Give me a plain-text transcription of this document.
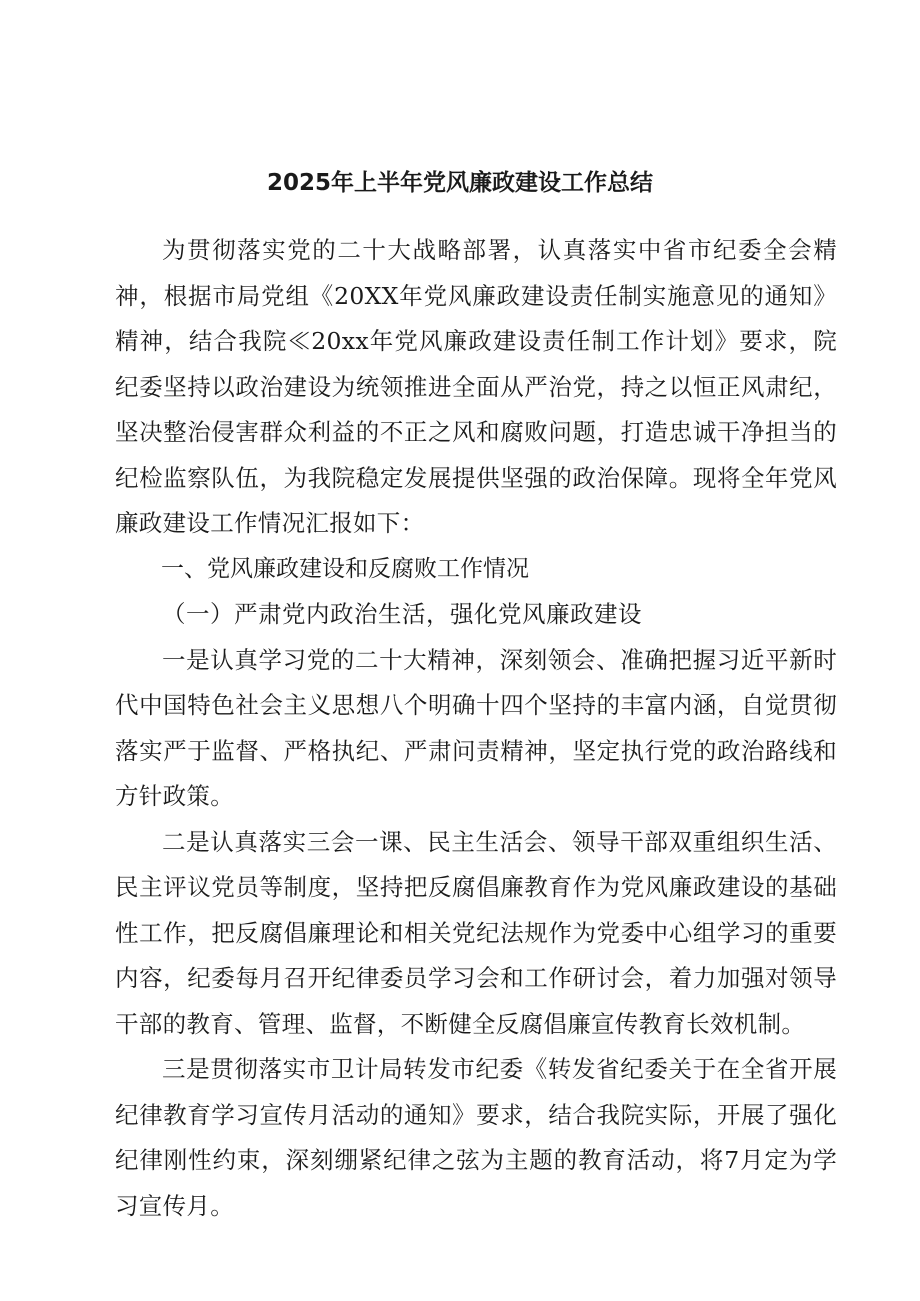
2025年上半年党风廉政建设工作总结

为贯彻落实党的二十大战略部署，认真落实中省市纪委全会精神，根据市局党组《20XX年党风廉政建设责任制实施意见的通知》精神，结合我院≪20xx年党风廉政建设责任制工作计划》要求，院纪委坚持以政治建设为统领推进全面从严治党，持之以恒正风肃纪，坚决整治侵害群众利益的不正之风和腐败问题，打造忠诚干净担当的纪检监察队伍，为我院稳定发展提供坚强的政治保障。现将全年党风廉政建设工作情况汇报如下：

一、党风廉政建设和反腐败工作情况

（一）严肃党内政治生活，强化党风廉政建设

一是认真学习党的二十大精神，深刻领会、准确把握习近平新时代中国特色社会主义思想八个明确十四个坚持的丰富内涵，自觉贯彻落实严于监督、严格执纪、严肃问责精神，坚定执行党的政治路线和方针政策。

二是认真落实三会一课、民主生活会、领导干部双重组织生活、民主评议党员等制度，坚持把反腐倡廉教育作为党风廉政建设的基础性工作，把反腐倡廉理论和相关党纪法规作为党委中心组学习的重要内容，纪委每月召开纪律委员学习会和工作研讨会，着力加强对领导干部的教育、管理、监督，不断健全反腐倡廉宣传教育长效机制。

三是贯彻落实市卫计局转发市纪委《转发省纪委关于在全省开展纪律教育学习宣传月活动的通知》要求，结合我院实际，开展了强化纪律刚性约束，深刻绷紧纪律之弦为主题的教育活动，将7月定为学习宣传月。
